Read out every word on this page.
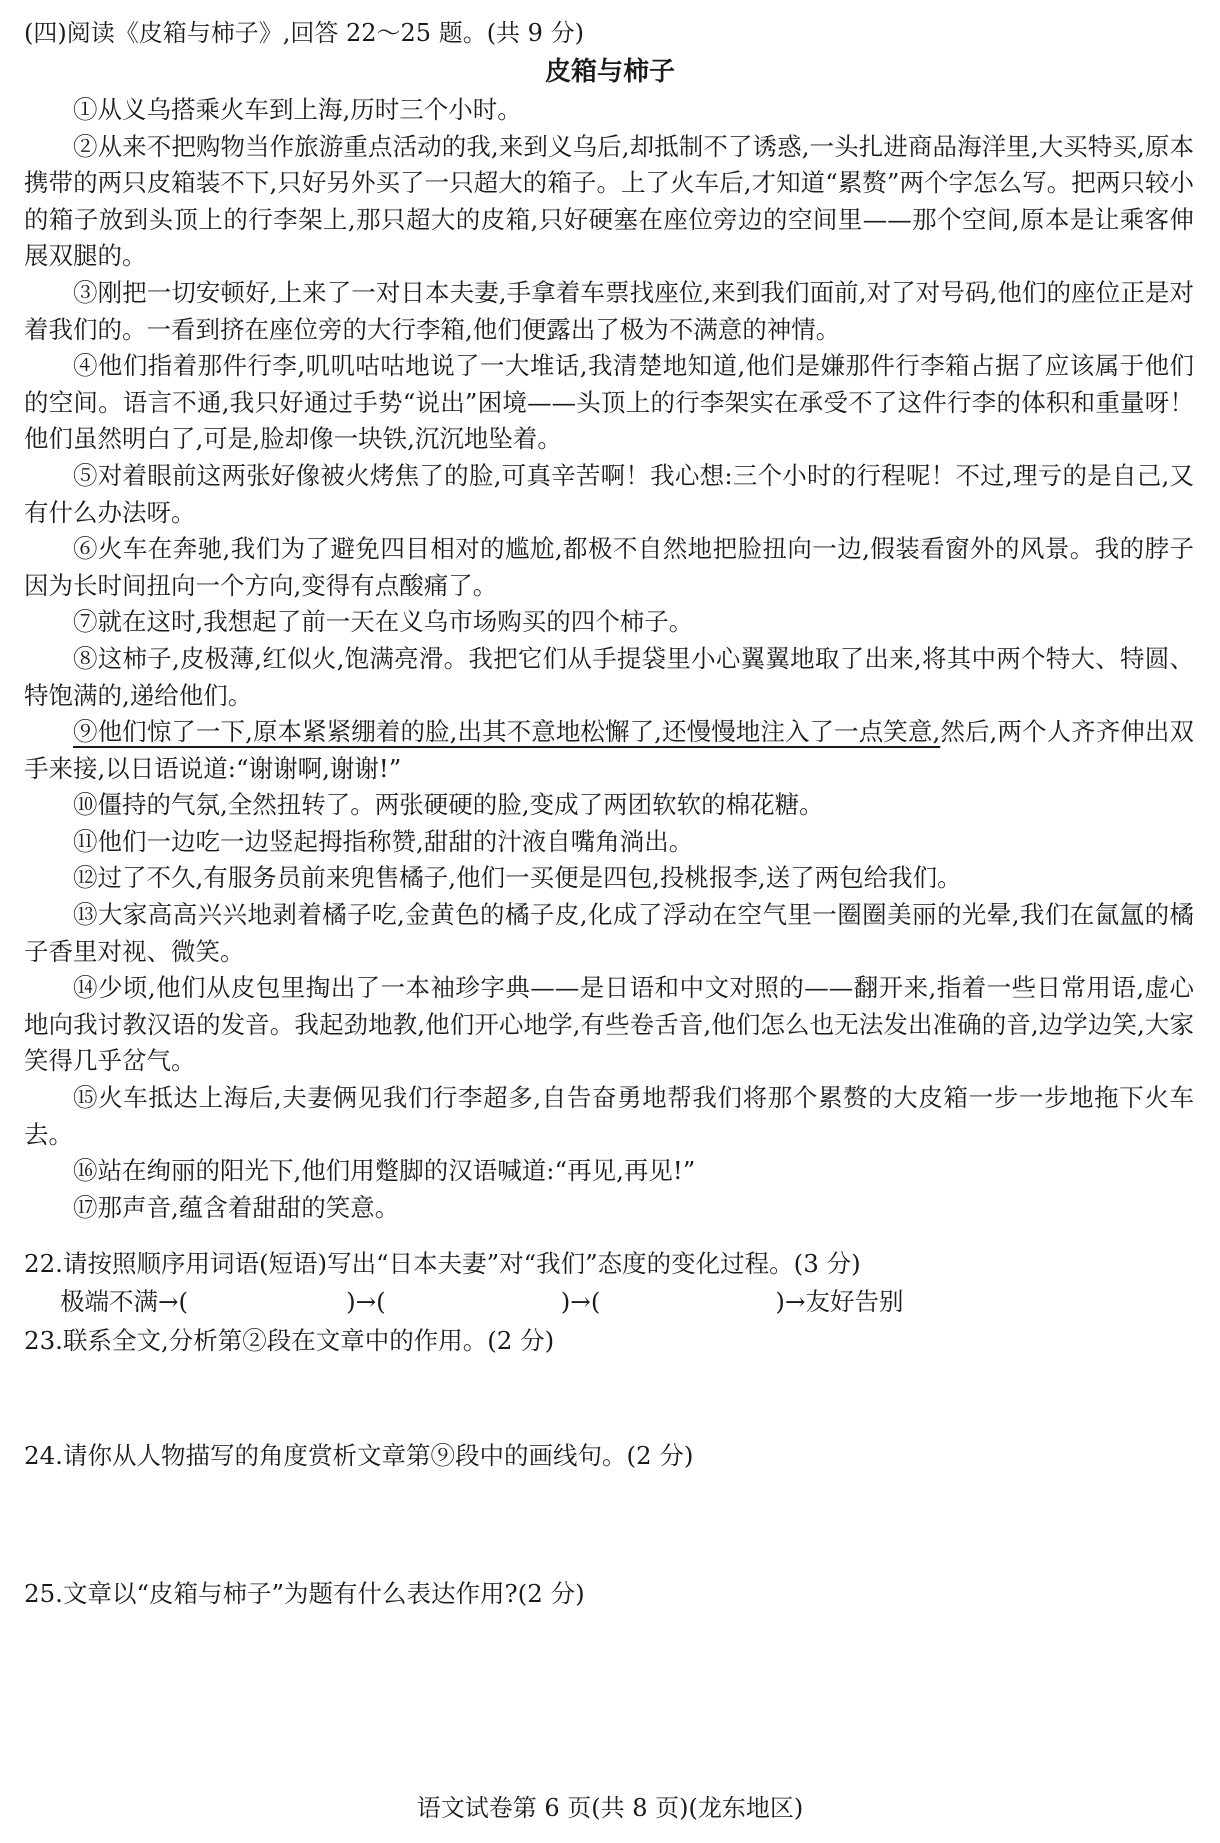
(四)阅读《皮箱与柿子》,回答 22～25 题。(共 9 分)
皮箱与柿子

①从义乌搭乘火车到上海,历时三个小时。

②从来不把购物当作旅游重点活动的我,来到义乌后,却抵制不了诱惑,一头扎进商品海洋里,大买特买,原本携带的两只皮箱装不下,只好另外买了一只超大的箱子。上了火车后,才知道“累赘”两个字怎么写。把两只较小的箱子放到头顶上的行李架上,那只超大的皮箱,只好硬塞在座位旁边的空间里——那个空间,原本是让乘客伸展双腿的。

③刚把一切安顿好,上来了一对日本夫妻,手拿着车票找座位,来到我们面前,对了对号码,他们的座位正是对着我们的。一看到挤在座位旁的大行李箱,他们便露出了极为不满意的神情。

④他们指着那件行李,叽叽咕咕地说了一大堆话,我清楚地知道,他们是嫌那件行李箱占据了应该属于他们的空间。语言不通,我只好通过手势“说出”困境——头顶上的行李架实在承受不了这件行李的体积和重量呀！他们虽然明白了,可是,脸却像一块铁,沉沉地坠着。

⑤对着眼前这两张好像被火烤焦了的脸,可真辛苦啊！我心想:三个小时的行程呢！不过,理亏的是自己,又有什么办法呀。

⑥火车在奔驰,我们为了避免四目相对的尴尬,都极不自然地把脸扭向一边,假装看窗外的风景。我的脖子因为长时间扭向一个方向,变得有点酸痛了。

⑦就在这时,我想起了前一天在义乌市场购买的四个柿子。

⑧这柿子,皮极薄,红似火,饱满亮滑。我把它们从手提袋里小心翼翼地取了出来,将其中两个特大、特圆、特饱满的,递给他们。

⑨他们惊了一下,原本紧紧绷着的脸,出其不意地松懈了,还慢慢地注入了一点笑意,然后,两个人齐齐伸出双手来接,以日语说道:“谢谢啊,谢谢!”

⑩僵持的气氛,全然扭转了。两张硬硬的脸,变成了两团软软的棉花糖。

⑪他们一边吃一边竖起拇指称赞,甜甜的汁液自嘴角淌出。

⑫过了不久,有服务员前来兜售橘子,他们一买便是四包,投桃报李,送了两包给我们。

⑬大家高高兴兴地剥着橘子吃,金黄色的橘子皮,化成了浮动在空气里一圈圈美丽的光晕,我们在氤氲的橘子香里对视、微笑。

⑭少顷,他们从皮包里掏出了一本袖珍字典——是日语和中文对照的——翻开来,指着一些日常用语,虚心地向我讨教汉语的发音。我起劲地教,他们开心地学,有些卷舌音,他们怎么也无法发出准确的音,边学边笑,大家笑得几乎岔气。

⑮火车抵达上海后,夫妻俩见我们行李超多,自告奋勇地帮我们将那个累赘的大皮箱一步一步地拖下火车去。

⑯站在绚丽的阳光下,他们用蹩脚的汉语喊道:“再见,再见!”

⑰那声音,蕴含着甜甜的笑意。

22.请按照顺序用词语(短语)写出“日本夫妻”对“我们”态度的变化过程。(3 分)
极端不满→(	)→(	)→(	)→友好告别
23.联系全文,分析第②段在文章中的作用。(2 分)
24.请你从人物描写的角度赏析文章第⑨段中的画线句。(2 分)
25.文章以“皮箱与柿子”为题有什么表达作用?(2 分)
语文试卷第 6 页(共 8 页)(龙东地区)
